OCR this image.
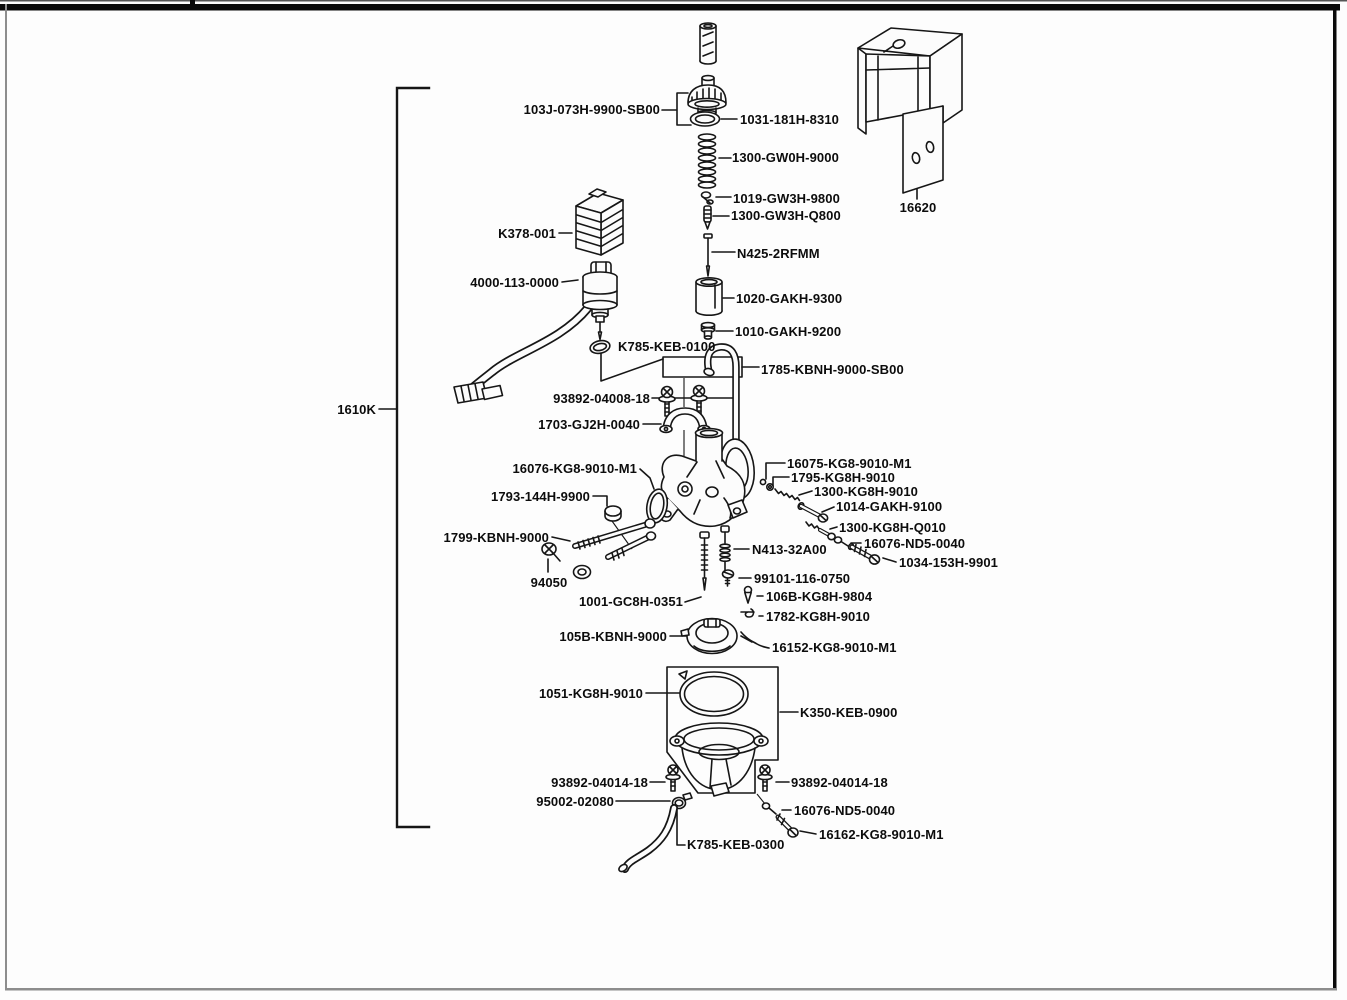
103J-073H-9900-SB00
1031-181H-8310
1300-GW0H-9000
1019-GW3H-9800
1300-GW3H-Q800
N425-2RFMM
1020-GAKH-9300
1010-GAKH-9200
K785-KEB-0100
1785-KBNH-9000-SB00
93892-04008-18
1703-GJ2H-0040
K378-001
4000-113-0000
16620
1610K
16076-KG8-9010-M1
1793-144H-9900
1799-KBNH-9000
94050
1001-GC8H-0351
105B-KBNH-9000
16075-KG8-9010-M1
1795-KG8H-9010
1300-KG8H-9010
1014-GAKH-9100
1300-KG8H-Q010
16076-ND5-0040
1034-153H-9901
N413-32A00
99101-116-0750
106B-KG8H-9804
1782-KG8H-9010
16152-KG8-9010-M1
1051-KG8H-9010
K350-KEB-0900
93892-04014-18	93892-04014-18
95002-02080
16076-ND5-0040
K785-KEB-0300
16162-KG8-9010-M1
